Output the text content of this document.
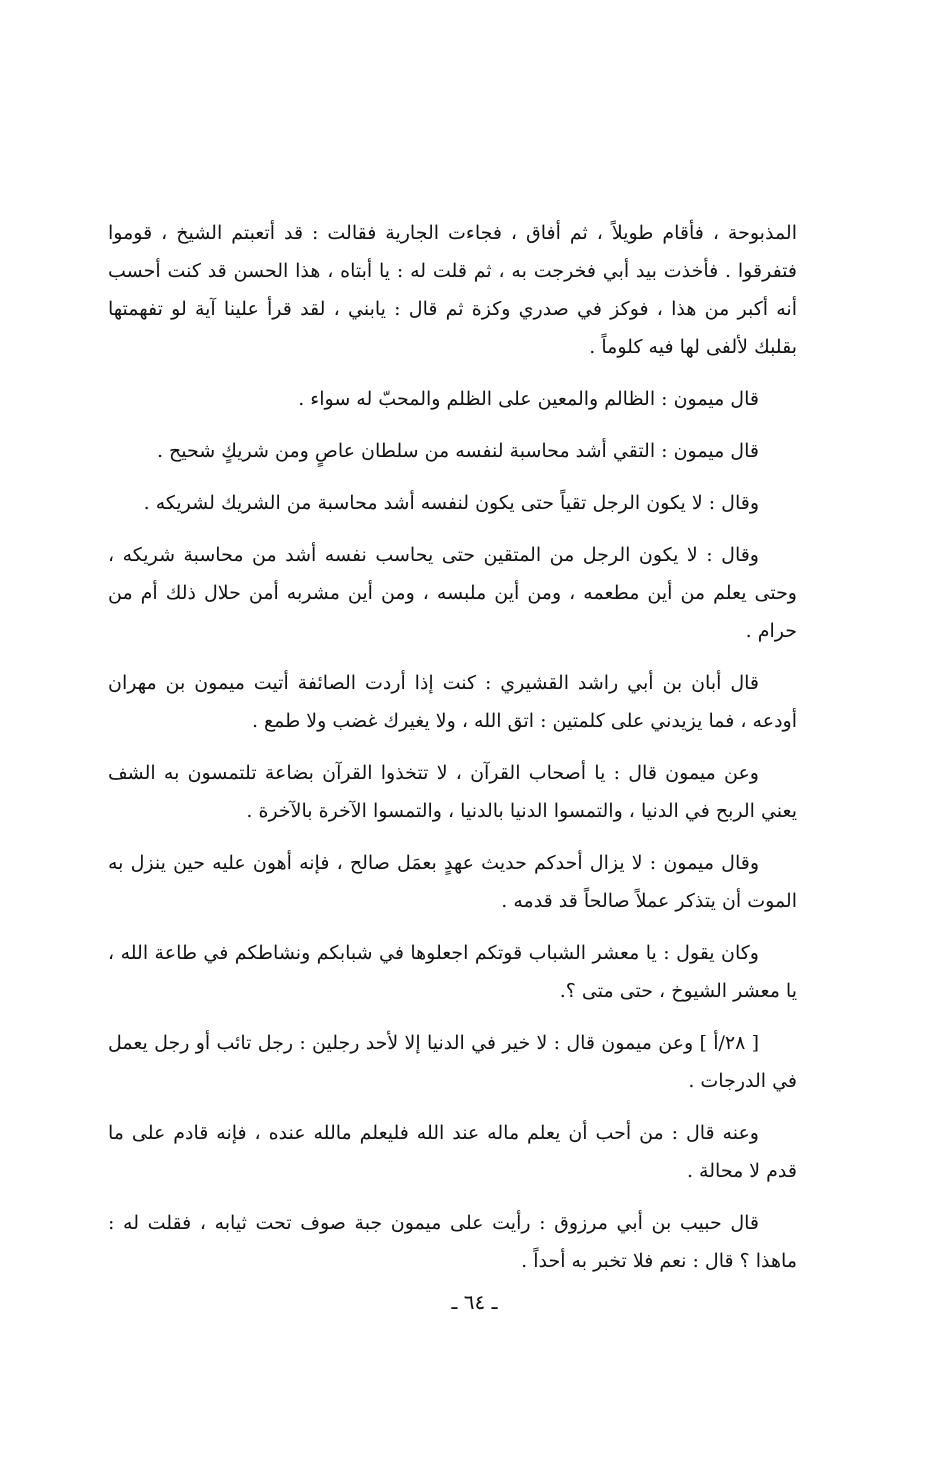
المذبوحة ، فأقام طويلاً ، ثم أفاق ، فجاءت الجارية فقالت : قد أتعبتم الشيخ ، قوموا فتفرقوا . فأخذت بيد أبي فخرجت به ، ثم قلت له : يا أبتاه ، هذا الحسن قد كنت أحسب أنه أكبر من هذا ، فوكز في صدري وكزة ثم قال : يابني ، لقد قرأ علينا آية لو تفهمتها بقلبك لألفى لها فيه كلوماً .

قال ميمون : الظالم والمعين على الظلم والمحبّ له سواء .

قال ميمون : التقي أشد محاسبة لنفسه من سلطان عاصٍ ومن شريكٍ شحيح .

وقال : لا يكون الرجل تقياً حتى يكون لنفسه أشد محاسبة من الشريك لشريكه .

وقال : لا يكون الرجل من المتقين حتى يحاسب نفسه أشد من محاسبة شريكه ، وحتى يعلم من أين مطعمه ، ومن أين ملبسه ، ومن أين مشربه أمن حلال ذلك أم من حرام .

قال أبان بن أبي راشد القشيري : كنت إذا أردت الصائفة أتيت ميمون بن مهران أودعه ، فما يزيدني على كلمتين : اتق الله ، ولا يغيرك غضب ولا طمع .

وعن ميمون قال : يا أصحاب القرآن ، لا تتخذوا القرآن بضاعة تلتمسون به الشف يعني الربح في الدنيا ، والتمسوا الدنيا بالدنيا ، والتمسوا الآخرة بالآخرة .

وقال ميمون : لا يزال أحدكم حديث عهدٍ بعمَل صالح ، فإنه أهون عليه حين ينزل به الموت أن يتذكر عملاً صالحاً قد قدمه .

وكان يقول : يا معشر الشباب قوتكم اجعلوها في شبابكم ونشاطكم في طاعة الله ، يا معشر الشيوخ ، حتى متى ؟.

[ ٢٨/أ ] وعن ميمون قال : لا خير في الدنيا إلا لأحد رجلين : رجل تائب أو رجل يعمل في الدرجات .

وعنه قال : من أحب أن يعلم ماله عند الله فليعلم مالله عنده ، فإنه قادم على ما قدم لا محالة .

قال حبيب بن أبي مرزوق : رأيت على ميمون جبة صوف تحت ثيابه ، فقلت له : ماهذا ؟ قال : نعم فلا تخبر به أحداً .

ـ ٦٤ ـ
